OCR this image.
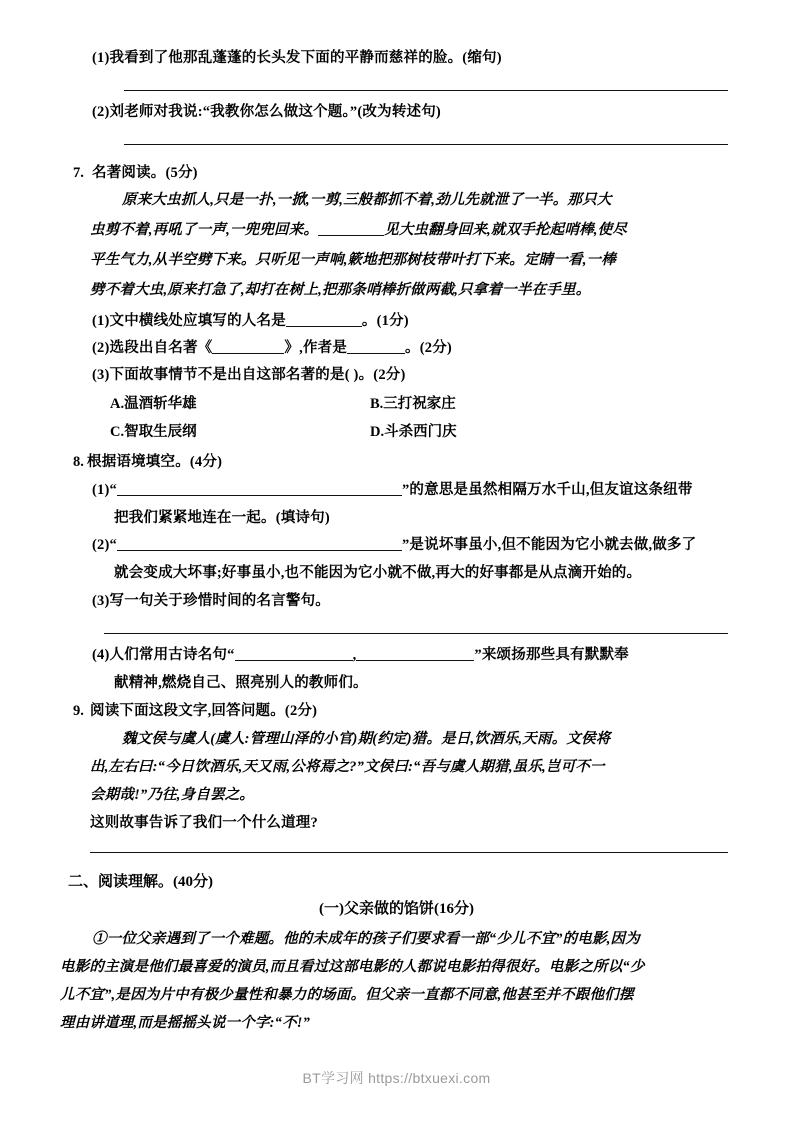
(1)我看到了他那乱蓬蓬的长头发下面的平静而慈祥的脸。(缩句)
(2)刘老师对我说:“我教你怎么做这个题。”(改为转述句)
7. 名著阅读。(5分)
原来大虫抓人,只是一扑,一掀,一剪,三般都抓不着,劲儿先就泄了一半。那只大
虫剪不着,再吼了一声,一兜兜回来。	见大虫翻身回来,就双手抡起哨棒,使尽
平生气力,从半空劈下来。只听见一声响,簌地把那树枝带叶打下来。定睛一看,一棒
劈不着大虫,原来打急了,却打在树上,把那条哨棒折做两截,只拿着一半在手里。
(1)文中横线处应填写的人名是	。(1分)
(2)选段出自名著《	》,作者是	。(2分)
(3)下面故事情节不是出自这部名著的是( )。(2分)
A.温酒斩华雄	B.三打祝家庄
C.智取生辰纲	D.斗杀西门庆
8. 根据语境填空。(4分)
(1)“	”的意思是虽然相隔万水千山,但友谊这条纽带
把我们紧紧地连在一起。(填诗句)
(2)“	”是说坏事虽小,但不能因为它小就去做,做多了
就会变成大坏事;好事虽小,也不能因为它小就不做,再大的好事都是从点滴开始的。
(3)写一句关于珍惜时间的名言警句。
(4)人们常用古诗名句“	,	”来颂扬那些具有默默奉
献精神,燃烧自己、照亮别人的教师们。
9. 阅读下面这段文字,回答问题。(2分)
魏文侯与虞人(虞人:管理山泽的小官)期(约定)猎。是日,饮酒乐,天雨。文侯将
出,左右曰:“今日饮酒乐,天又雨,公将焉之?”文侯曰:“吾与虞人期猎,虽乐,岂可不一
会期哉!”乃往,身自罢之。
这则故事告诉了我们一个什么道理?
二、阅读理解。(40分)
(一)父亲做的馅饼(16分)
①一位父亲遇到了一个难题。他的未成年的孩子们要求看一部“少儿不宜”的电影,因为
电影的主演是他们最喜爱的演员,而且看过这部电影的人都说电影拍得很好。电影之所以“少
儿不宜”,是因为片中有极少量性和暴力的场面。但父亲一直都不同意,他甚至并不跟他们摆
理由讲道理,而是摇摇头说一个字:“不!”
BT学习网 https://btxuexi.com
